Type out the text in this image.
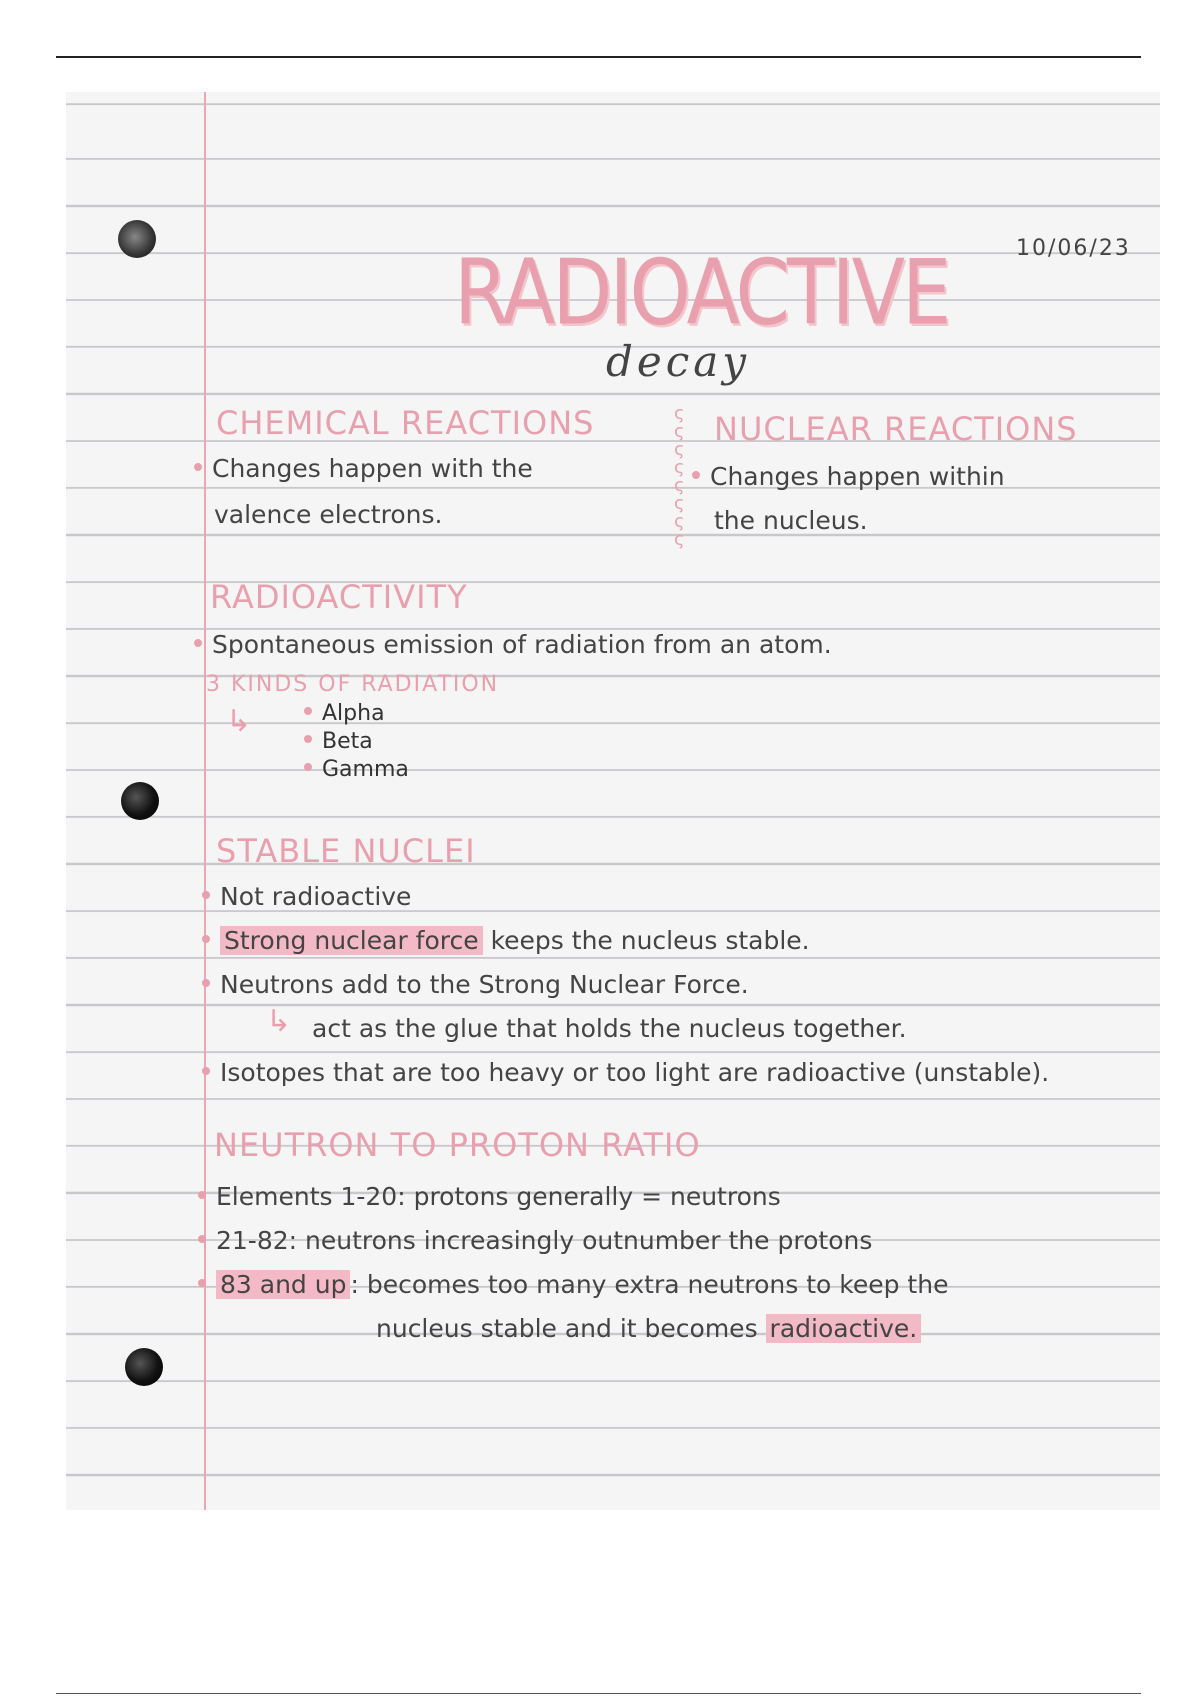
10/06/23
RADIOACTIVE
decay
CHEMICAL REACTIONS
Changes happen with the
valence electrons.
ς
ς
ς
ς
ς
ς
ς
ς
NUCLEAR REACTIONS
Changes happen within
the nucleus.
RADIOACTIVITY
Spontaneous emission of radiation from an atom.
3 KINDS OF RADIATION
↳	Alpha
Beta
Gamma
STABLE NUCLEI
Not radioactive
Strong nuclear force keeps the nucleus stable.
Neutrons add to the Strong Nuclear Force.
↳ act as the glue that holds the nucleus together.
Isotopes that are too heavy or too light are radioactive (unstable).
NEUTRON TO PROTON RATIO
Elements 1-20: protons generally = neutrons
21-82: neutrons increasingly outnumber the protons
83 and up : becomes too many extra neutrons to keep the
nucleus stable and it becomes radioactive.
